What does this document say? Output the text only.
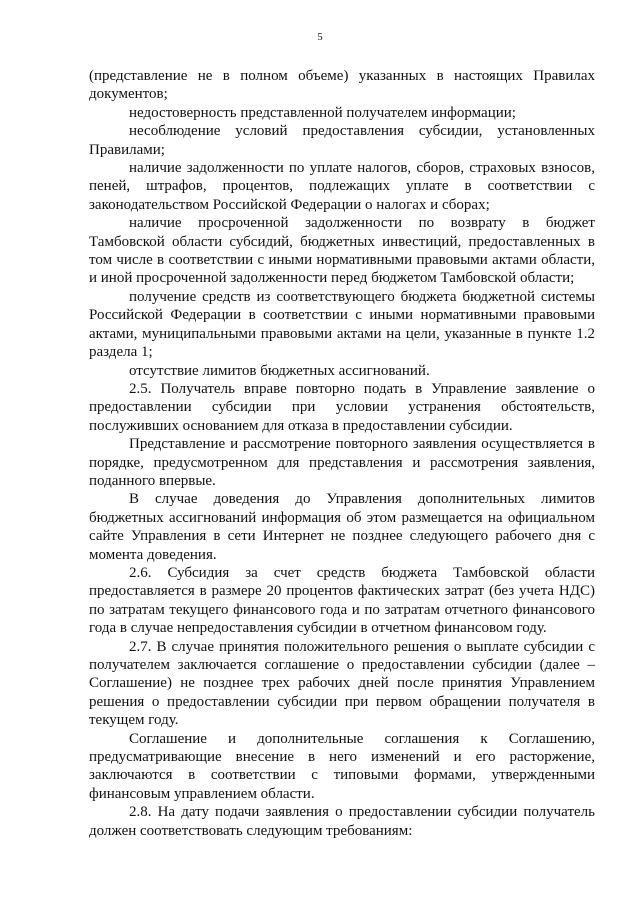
5

(представление не в полном объеме) указанных в настоящих Правилах документов;

недостоверность представленной получателем информации;

несоблюдение условий предоставления субсидии, установленных Правилами;

наличие задолженности по уплате налогов, сборов, страховых взносов, пеней, штрафов, процентов, подлежащих уплате в соответствии с законодательством Российской Федерации о налогах и сборах;

наличие просроченной задолженности по возврату в бюджет Тамбовской области субсидий, бюджетных инвестиций, предоставленных в том числе в соответствии с иными нормативными правовыми актами области, и иной просроченной задолженности перед бюджетом Тамбовской области;

получение средств из соответствующего бюджета бюджетной системы Российской Федерации в соответствии с иными нормативными правовыми актами, муниципальными правовыми актами на цели, указанные в пункте 1.2 раздела 1;

отсутствие лимитов бюджетных ассигнований.

2.5. Получатель вправе повторно подать в Управление заявление о предоставлении субсидии при условии устранения обстоятельств, послуживших основанием для отказа в предоставлении субсидии.

Представление и рассмотрение повторного заявления осуществляется в порядке, предусмотренном для представления и рассмотрения заявления, поданного впервые.

В случае доведения до Управления дополнительных лимитов бюджетных ассигнований информация об этом размещается на официальном сайте Управления в сети Интернет не позднее следующего рабочего дня с момента доведения.

2.6. Субсидия за счет средств бюджета Тамбовской области предоставляется в размере 20 процентов фактических затрат (без учета НДС) по затратам текущего финансового года и по затратам отчетного финансового года в случае непредоставления субсидии в отчетном финансовом году.

2.7. В случае принятия положительного решения о выплате субсидии с получателем заключается соглашение о предоставлении субсидии (далее – Соглашение) не позднее трех рабочих дней после принятия Управлением решения о предоставлении субсидии при первом обращении получателя в текущем году.

Соглашение и дополнительные соглашения к Соглашению, предусматривающие внесение в него изменений и его расторжение, заключаются в соответствии с типовыми формами, утвержденными финансовым управлением области.

2.8. На дату подачи заявления о предоставлении субсидии получатель должен соответствовать следующим требованиям:
